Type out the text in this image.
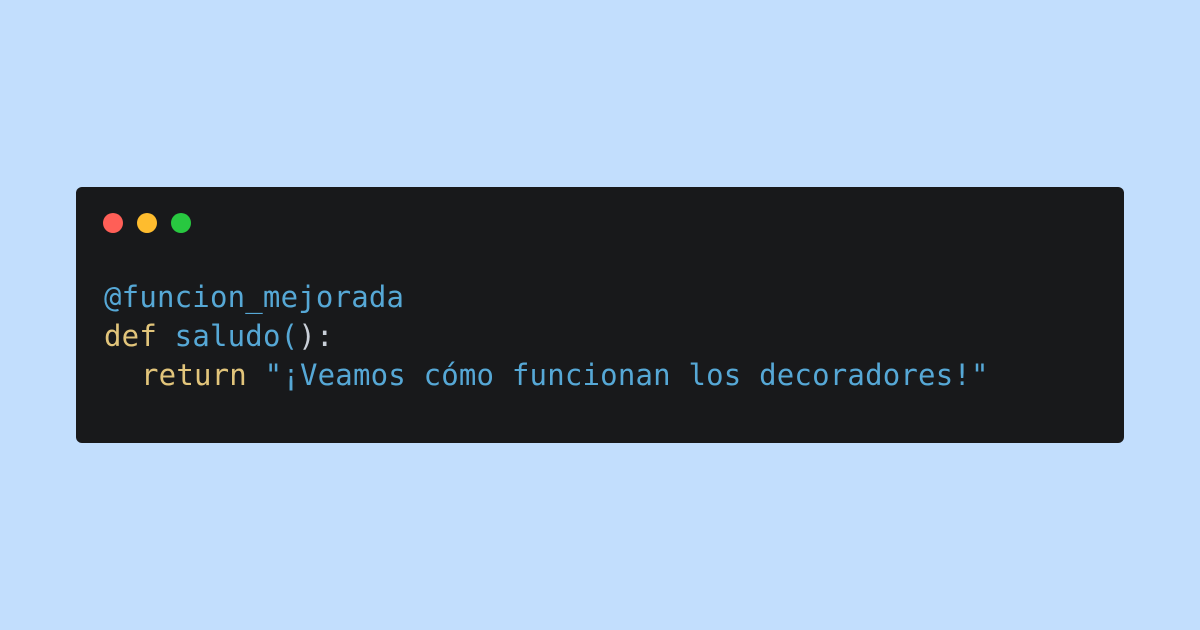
@funcion_mejorada
def saludo():
return "¡Veamos cómo funcionan los decoradores!"
